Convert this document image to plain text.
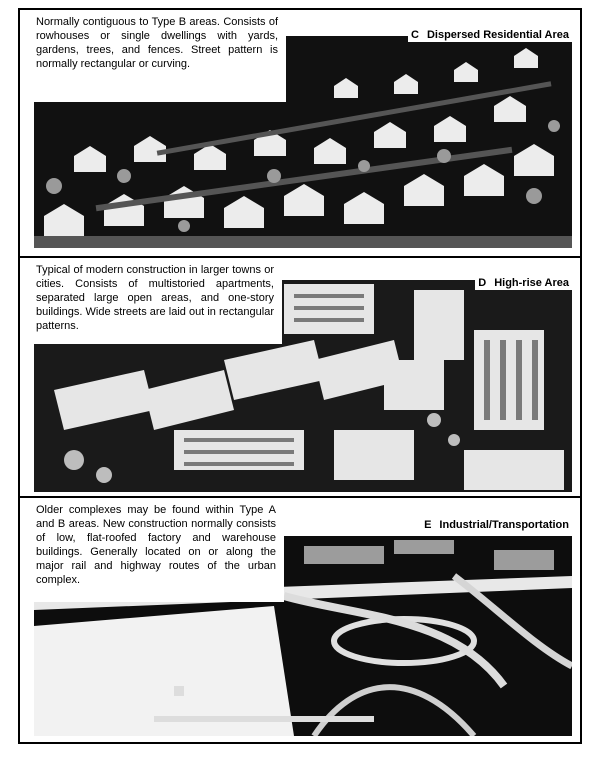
Normally contiguous to Type B areas. Consists of rowhouses or single dwellings with yards, gardens, trees, and fences. Street pattern is normally rectangular or curving.
C Dispersed Residential Area
Typical of modern construction in larger towns or cities. Consists of multistoried apartments, separated large open areas, and one-story buildings. Wide streets are laid out in rectangular patterns.
D High-rise Area
Older complexes may be found within Type A and B areas. New construction normally consists of low, flat-roofed factory and warehouse buildings. Generally located on or along the major rail and highway routes of the urban complex.
E Industrial/Transportation
